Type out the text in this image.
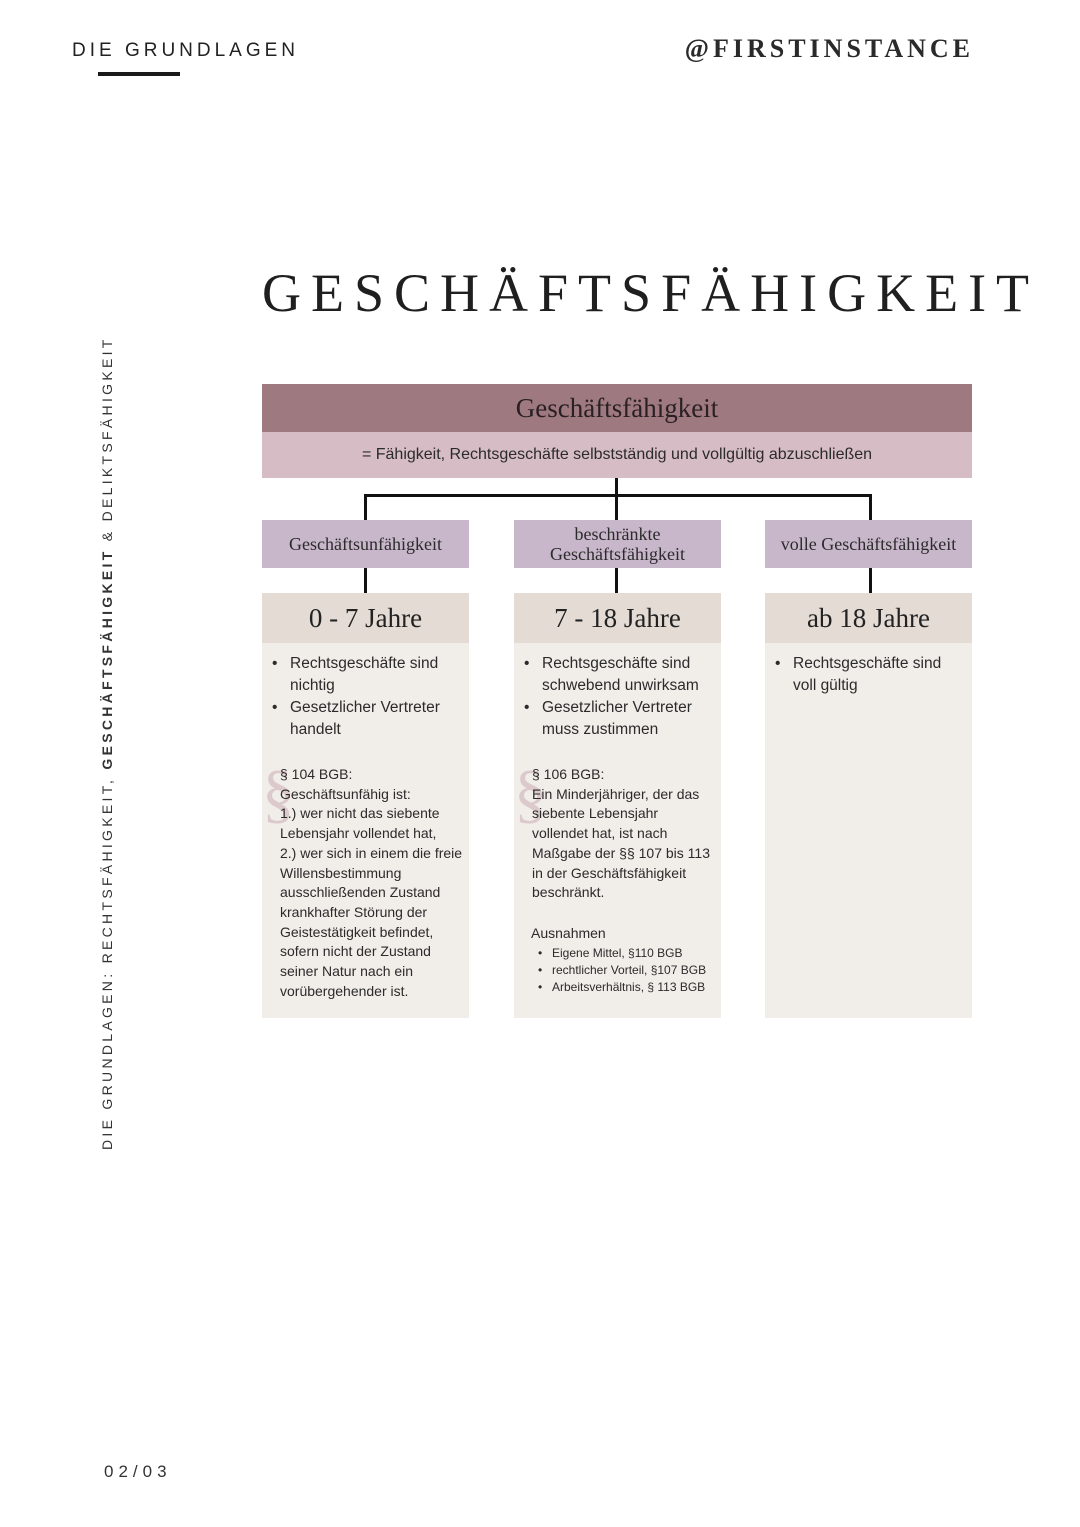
DIE GRUNDLAGEN	@FIRSTINSTANCE
GESCHÄFTSFÄHIGKEIT
DIE GRUNDLAGEN: RECHTSFÄHIGKEIT, GESCHÄFTSFÄHIGKEIT & DELIKTSFÄHIGKEIT	Geschäftsfähigkeit
= Fähigkeit, Rechtsgeschäfte selbstständig und vollgültig abzuschließen
Geschäftsunfähigkeit
0 - 7 Jahre
• Rechtsgeschäfte sind nichtig
• Gesetzlicher Vertreter handelt
§
§ 104 BGB:
Geschäftsunfähig ist:
1.) wer nicht das siebente Lebensjahr vollendet hat,
2.) wer sich in einem die freie Willensbestimmung ausschließenden Zustand krankhafter Störung der Geistestätigkeit befindet, sofern nicht der Zustand seiner Natur nach ein vorübergehender ist.
beschränkte Geschäftsfähigkeit
7 - 18 Jahre
• Rechtsgeschäfte sind schwebend unwirksam
• Gesetzlicher Vertreter muss zustimmen
§
§ 106 BGB:
Ein Minderjähriger, der das siebente Lebensjahr vollendet hat, ist nach Maßgabe der §§ 107 bis 113 in der Geschäftsfähigkeit beschränkt.
Ausnahmen
• Eigene Mittel, §110 BGB
• rechtlicher Vorteil, §107 BGB
• Arbeitsverhältnis, § 113 BGB
volle Geschäftsfähigkeit
ab 18 Jahre
• Rechtsgeschäfte sind voll gültig
02/03
